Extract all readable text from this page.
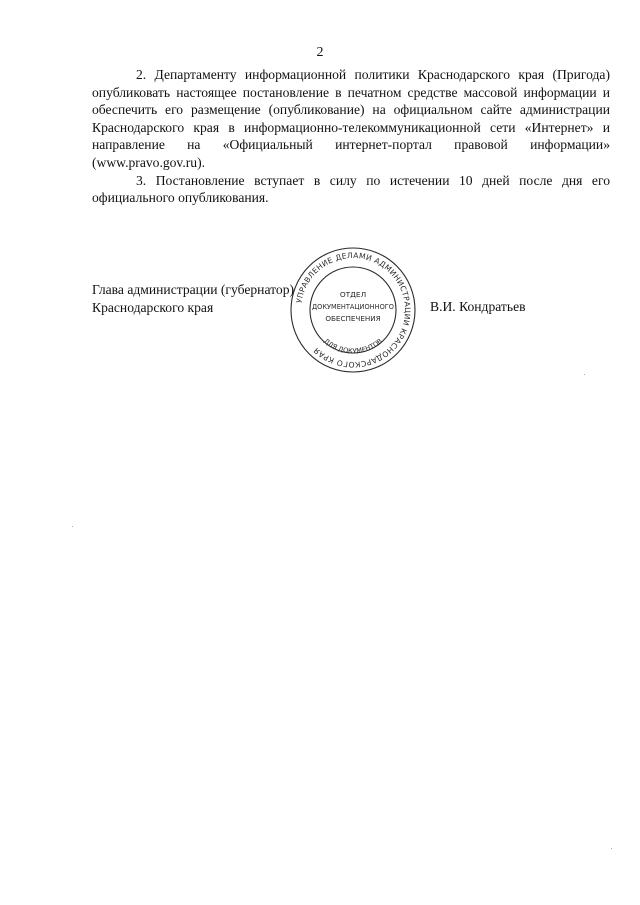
2

2. Департаменту информационной политики Краснодарского края (Пригода) опубликовать настоящее постановление в печатном средстве массовой информации и обеспечить его размещение (опубликование) на официальном сайте администрации Краснодарского края в информационно-телекоммуникационной сети «Интернет» и направление на «Официальный интернет-портал правовой информации» (www.pravo.gov.ru).

3. Постановление вступает в силу по истечении 10 дней после дня его официального опубликования.

Глава администрации (губернатор)
Краснодарского края	В.И. Кондратьев
УПРАВЛЕНИЕ ДЕЛАМИ АДМИНИСТРАЦИИ КРАСНОДАРСКОГО КРАЯ
ДЛЯ ДОКУМЕНТОВ
ОТДЕЛ
ДОКУМЕНТАЦИОННОГО
ОБЕСПЕЧЕНИЯ
